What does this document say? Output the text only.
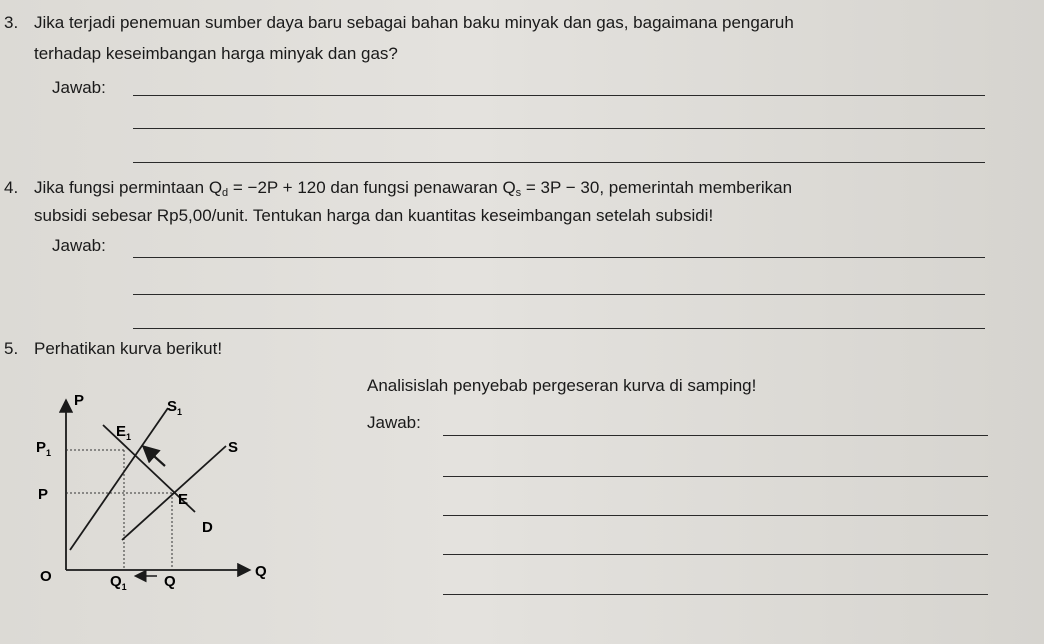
3. Jika terjadi penemuan sumber daya baru sebagai bahan baku minyak dan gas, bagaimana pengaruh
terhadap keseimbangan harga minyak dan gas?
Jawab:
4. Jika fungsi permintaan $Q_d = -2P + 120$ dan fungsi penawaran $Q_s = 3P - 30$, pemerintah memberikan
subsidi sebesar Rp5,00/unit. Tentukan harga dan kuantitas keseimbangan setelah subsidi!
Jawab:
5. Perhatikan kurva berikut!
Analisislah penyebab pergeseran kurva di samping!
Jawab:
P
Q
O
$P_1$
P
$Q_1$ Q
$S_1$
S
D
$E_1$
E
